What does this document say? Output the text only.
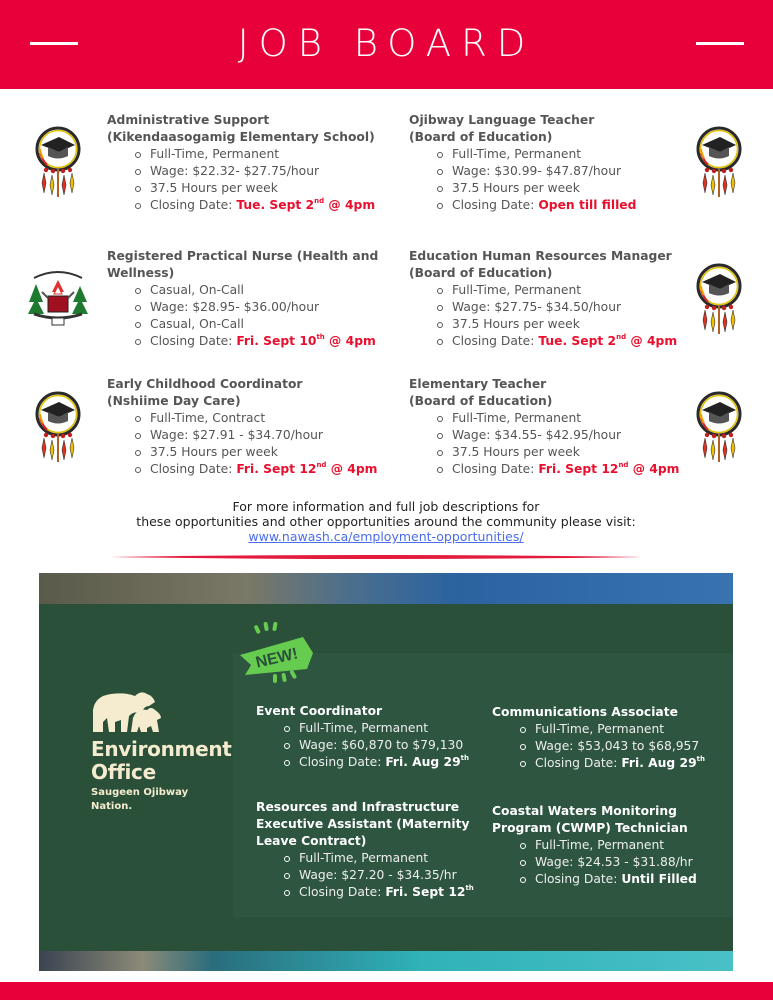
JOB BOARD
Administrative Support
(Kikendaasogamig Elementary School)
Full-Time, Permanent
Wage: $22.32- $27.75/hour
37.5 Hours per week
Closing Date: Tue. Sept 2nd @ 4pm
Ojibway Language Teacher
(Board of Education)
Full-Time, Permanent
Wage: $30.99- $47.87/hour
37.5 Hours per week
Closing Date: Open till filled
Registered Practical Nurse (Health and
Wellness)
Casual, On-Call
Wage: $28.95- $36.00/hour
Casual, On-Call
Closing Date: Fri. Sept 10th @ 4pm
Education Human Resources Manager
(Board of Education)
Full-Time, Permanent
Wage: $27.75- $34.50/hour
37.5 Hours per week
Closing Date: Tue. Sept 2nd @ 4pm
Early Childhood Coordinator
(Nshiime Day Care)
Full-Time, Contract
Wage: $27.91 - $34.70/hour
37.5 Hours per week
Closing Date: Fri. Sept 12nd @ 4pm
Elementary Teacher
(Board of Education)
Full-Time, Permanent
Wage: $34.55- $42.95/hour
37.5 Hours per week
Closing Date: Fri. Sept 12nd @ 4pm
For more information and full job descriptions for
these opportunities and other opportunities around the community please visit:
www.nawash.ca/employment-opportunities/
NEW!
Environment
Office
Saugeen Ojibway
Nation.
Event Coordinator
Full-Time, Permanent
Wage: $60,870 to $79,130
Closing Date: Fri. Aug 29th
Communications Associate
Full-Time, Permanent
Wage: $53,043 to $68,957
Closing Date: Fri. Aug 29th
Resources and Infrastructure
Executive Assistant (Maternity
Leave Contract)
Full-Time, Permanent
Wage: $27.20 - $34.35/hr
Closing Date: Fri. Sept 12th
Coastal Waters Monitoring
Program (CWMP) Technician
Full-Time, Permanent
Wage: $24.53 - $31.88/hr
Closing Date: Until Filled
